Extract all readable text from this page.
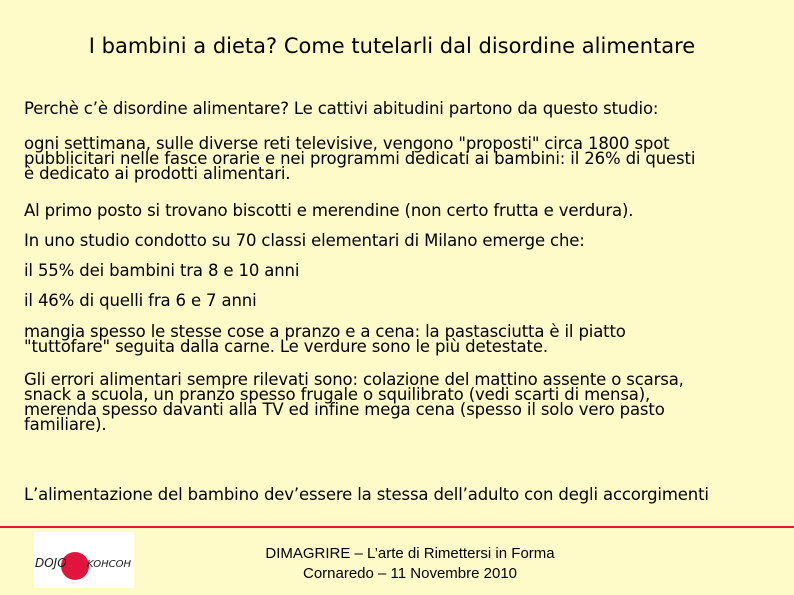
I bambini a dieta? Come tutelarli dal disordine alimentare
Perchè c’è disordine alimentare? Le cattivi abitudini partono da questo studio:
ogni settimana, sulle diverse reti televisive, vengono "proposti" circa 1800 spot
pubblicitari nelle fasce orarie e nei programmi dedicati ai bambini: il 26% di questi
è dedicato ai prodotti alimentari.
Al primo posto si trovano biscotti e merendine (non certo frutta e verdura).
In uno studio condotto su 70 classi elementari di Milano emerge che:
il 55% dei bambini tra 8 e 10 anni
il 46% di quelli fra 6 e 7 anni
mangia spesso le stesse cose a pranzo e a cena: la pastasciutta è il piatto
"tuttofare" seguita dalla carne. Le verdure sono le più detestate.
Gli errori alimentari sempre rilevati sono: colazione del mattino assente o scarsa,
snack a scuola, un pranzo spesso frugale o squilibrato (vedi scarti di mensa),
merenda spesso davanti alla TV ed infine mega cena (spesso il solo vero pasto
familiare).
L’alimentazione del bambino dev’essere la stessa dell’adulto con degli accorgimenti
DOJO KOHCOH
DIMAGRIRE – L’arte di Rimettersi in Forma
Cornaredo – 11 Novembre 2010
